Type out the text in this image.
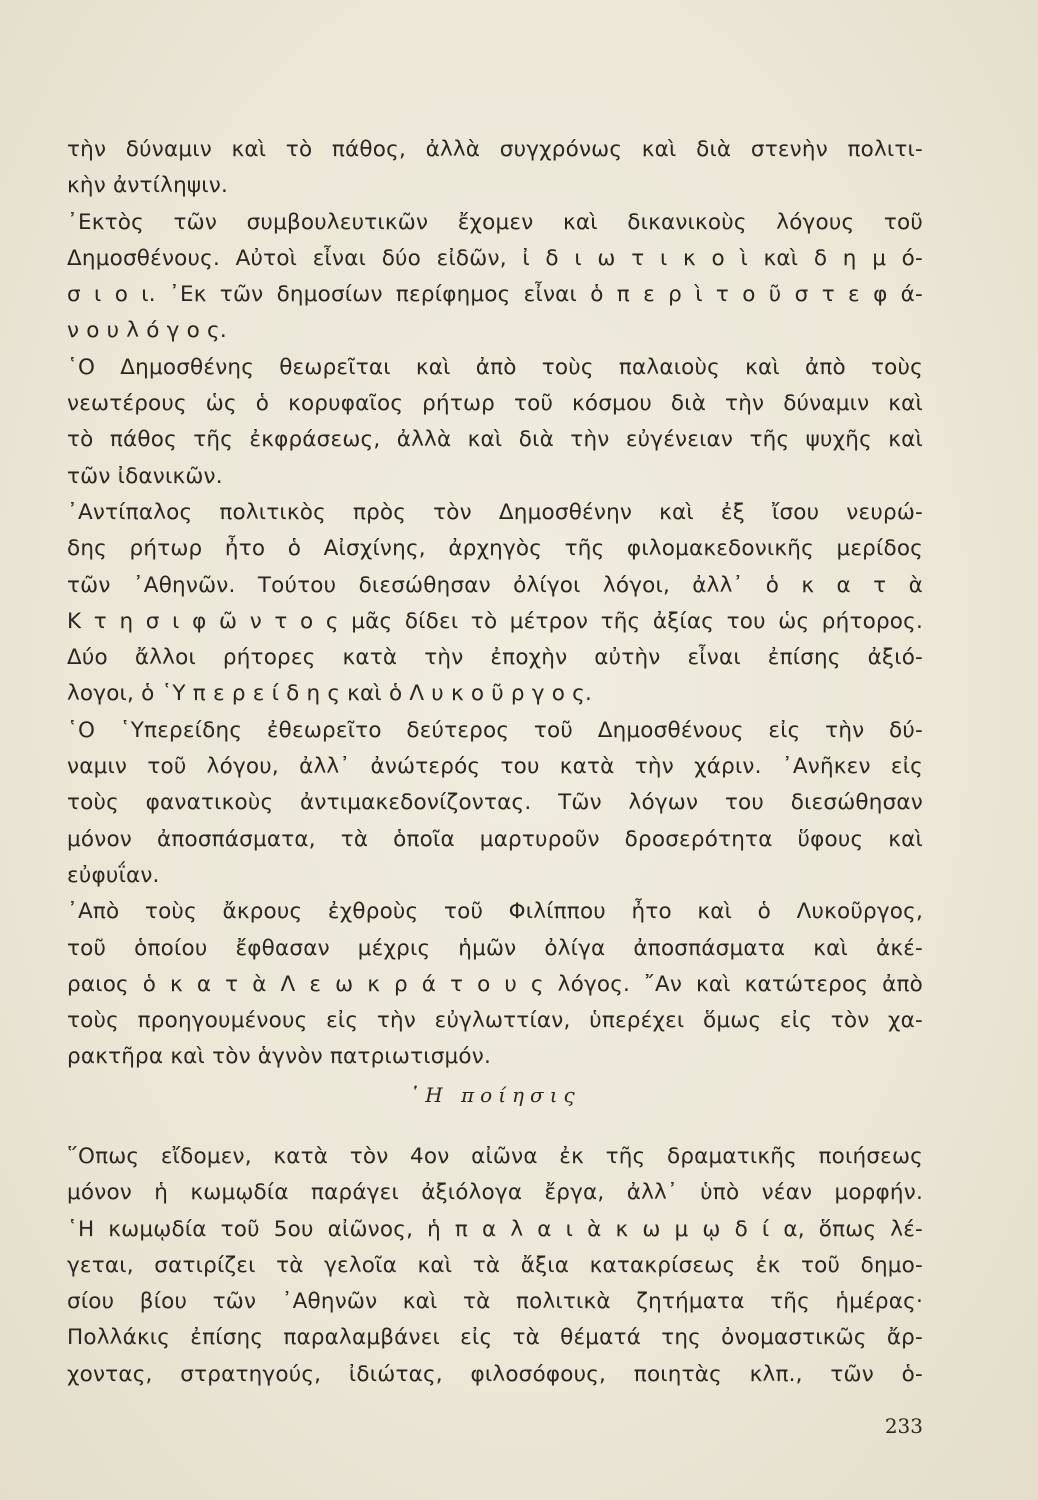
τὴν δύναμιν καὶ τὸ πάθος, ἀλλὰ συγχρόνως καὶ διὰ στενὴν πολιτι-
κὴν ἀντίληψιν.
᾿Εκτὸς τῶν συμβουλευτικῶν ἔχομεν καὶ δικανικοὺς λόγους τοῦ
Δημοσθένους. Αὐτοὶ εἶναι δύο εἰδῶν, ἰ δ ι ω τ ι κ ο ὶ καὶ δ η μ ό-
σ ι ο ι. ᾿Εκ τῶν δημοσίων περίφημος εἶναι ὁ π ε ρ ὶ τ ο ῦ σ τ ε φ ά-
ν ο υ λ ό γ ο ς.
῾Ο Δημοσθένης θεωρεῖται καὶ ἀπὸ τοὺς παλαιοὺς καὶ ἀπὸ τοὺς
νεωτέρους ὡς ὁ κορυφαῖος ρήτωρ τοῦ κόσμου διὰ τὴν δύναμιν καὶ
τὸ πάθος τῆς ἐκφράσεως, ἀλλὰ καὶ διὰ τὴν εὐγένειαν τῆς ψυχῆς καὶ
τῶν ἰδανικῶν.
᾿Αντίπαλος πολιτικὸς πρὸς τὸν Δημοσθένην καὶ ἐξ ἴσου νευρώ-
δης ρήτωρ ἦτο ὁ Αἰσχίνης, ἀρχηγὸς τῆς φιλομακεδονικῆς μερίδος
τῶν ᾿Αθηνῶν. Τούτου διεσώθησαν ὀλίγοι λόγοι, ἀλλ᾿ ὁ κ α τ ὰ
Κ τ η σ ι φ ῶ ν τ ο ς μᾶς δίδει τὸ μέτρον τῆς ἀξίας του ὡς ρήτορος.
Δύο ἄλλοι ρήτορες κατὰ τὴν ἐποχὴν αὐτὴν εἶναι ἐπίσης ἀξιό-
λογοι, ὁ ῾Υ π ε ρ ε ί δ η ς καὶ ὁ Λ υ κ ο ῦ ρ γ ο ς.
῾Ο ῾Υπερείδης ἐθεωρεῖτο δεύτερος τοῦ Δημοσθένους εἰς τὴν δύ-
ναμιν τοῦ λόγου, ἀλλ᾿ ἀνώτερός του κατὰ τὴν χάριν. ᾿Ανῆκεν εἰς
τοὺς φανατικοὺς ἀντιμακεδονίζοντας. Τῶν λόγων του διεσώθησαν
μόνον ἀποσπάσματα, τὰ ὁποῖα μαρτυροῦν δροσερότητα ὕφους καὶ
εὐφυΐαν.
᾿Απὸ τοὺς ἄκρους ἐχθροὺς τοῦ Φιλίππου ἦτο καὶ ὁ Λυκοῦργος,
τοῦ ὁποίου ἔφθασαν μέχρις ἡμῶν ὀλίγα ἀποσπάσματα καὶ ἀκέ-
ραιος ὁ κ α τ ὰ Λ ε ω κ ρ ά τ ο υ ς λόγος. ῎Αν καὶ κατώτερος ἀπὸ
τοὺς προηγουμένους εἰς τὴν εὐγλωττίαν, ὑπερέχει ὅμως εἰς τὸν χα-
ρακτῆρα καὶ τὸν ἁγνὸν πατριωτισμόν.
῾Η ποίησις
῞Οπως εἴδομεν, κατὰ τὸν 4ον αἰῶνα ἐκ τῆς δραματικῆς ποιήσεως
μόνον ἡ κωμῳδία παράγει ἀξιόλογα ἔργα, ἀλλ᾿ ὑπὸ νέαν μορφήν.
῾Η κωμῳδία τοῦ 5ου αἰῶνος, ἡ π α λ α ι ὰ κ ω μ ῳ δ ί α, ὅπως λέ-
γεται, σατιρίζει τὰ γελοῖα καὶ τὰ ἄξια κατακρίσεως ἐκ τοῦ δημο-
σίου βίου τῶν ᾿Αθηνῶν καὶ τὰ πολιτικὰ ζητήματα τῆς ἡμέρας·
Πολλάκις ἐπίσης παραλαμβάνει εἰς τὰ θέματά της ὀνομαστικῶς ἄρ-
χοντας, στρατηγούς, ἰδιώτας, φιλοσόφους, ποιητὰς κλπ., τῶν ὁ-
233
